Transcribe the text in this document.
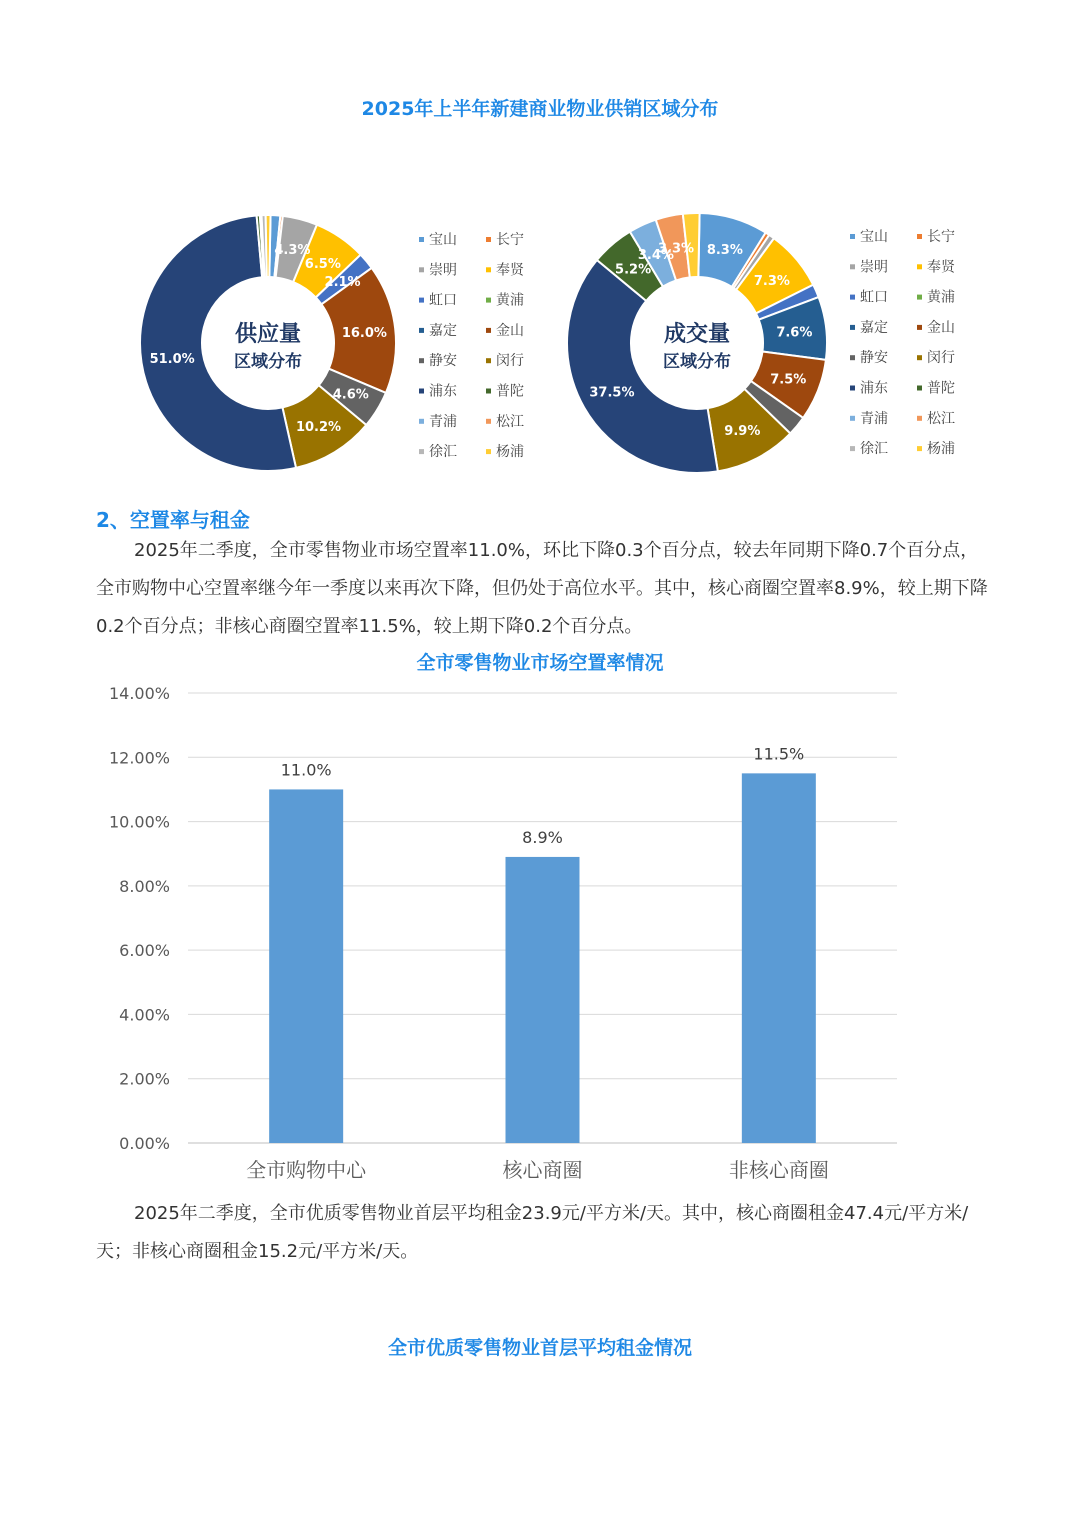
2025年上半年新建商业物业供销区域分布
4.3%
6.5%
2.1%
16.0%
4.6%
10.2%
51.0%
供应量
区域分布
8.3%
7.3%
7.6%
7.5%
9.9%
37.5%
5.2%
3.4%
3.3%
成交量
区域分布
宝山	长宁
崇明	奉贤
虹口	黄浦
嘉定	金山
静安	闵行
浦东	普陀
青浦	松江
徐汇	杨浦
宝山	长宁
崇明	奉贤
虹口	黄浦
嘉定	金山
静安	闵行
浦东	普陀
青浦	松江
徐汇	杨浦
2、空置率与租金
2025年二季度，全市零售物业市场空置率11.0%，环比下降0.3个百分点，较去年同期下降0.7个百分点，全市购物中心空置率继今年一季度以来再次下降，但仍处于高位水平。其中，核心商圈空置率8.9%，较上期下降0.2个百分点；非核心商圈空置率11.5%，较上期下降0.2个百分点。
全市零售物业市场空置率情况
0.00%
2.00%
4.00%
6.00%
8.00%
10.00%
12.00%
14.00%
11.0%
全市购物中心
8.9%
核心商圈
11.5%
非核心商圈
2025年二季度，全市优质零售物业首层平均租金23.9元/平方米/天。其中，核心商圈租金47.4元/平方米/天；非核心商圈租金15.2元/平方米/天。
全市优质零售物业首层平均租金情况
